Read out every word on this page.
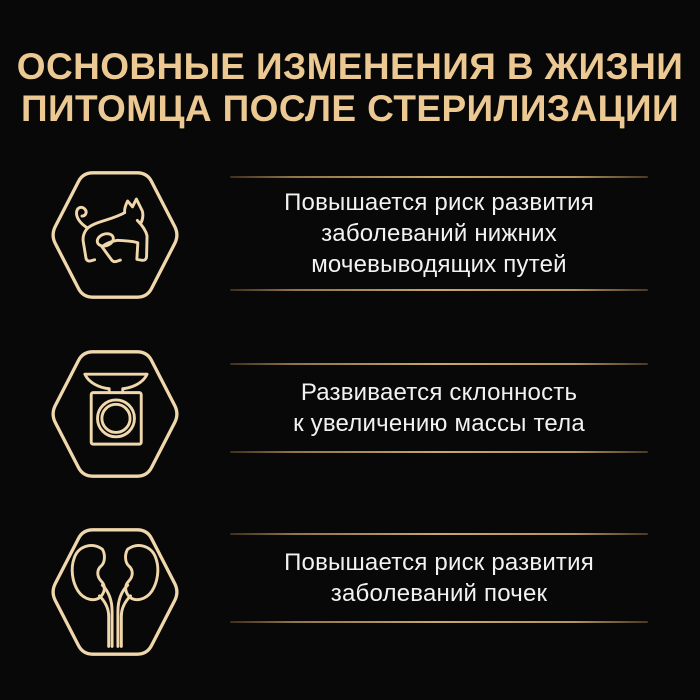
ОСНОВНЫЕ ИЗМЕНЕНИЯ В ЖИЗНИ
ПИТОМЦА ПОСЛЕ СТЕРИЛИЗАЦИИ
Повышается риск развития
заболеваний нижних
мочевыводящих путей
Развивается склонность
к увеличению массы тела
Повышается риск развития
заболеваний почек
